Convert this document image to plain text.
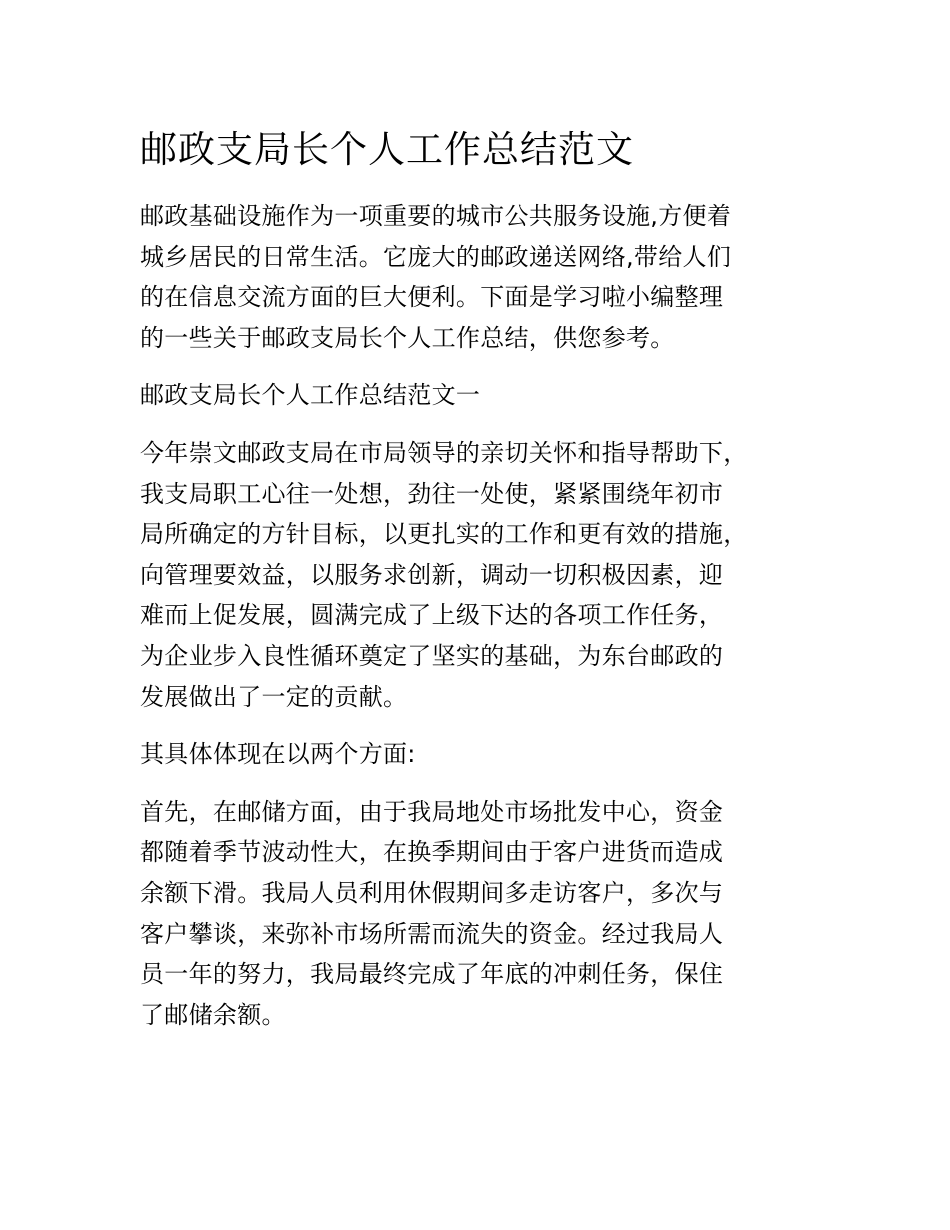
邮政支局长个人工作总结范文

邮政基础设施作为一项重要的城市公共服务设施,方便着
城乡居民的日常生活。它庞大的邮政递送网络,带给人们
的在信息交流方面的巨大便利。下面是学习啦小编整理
的一些关于邮政支局长个人工作总结，供您参考。

邮政支局长个人工作总结范文一

今年崇文邮政支局在市局领导的亲切关怀和指导帮助下，
我支局职工心往一处想，劲往一处使，紧紧围绕年初市
局所确定的方针目标，以更扎实的工作和更有效的措施，
向管理要效益，以服务求创新，调动一切积极因素，迎
难而上促发展，圆满完成了上级下达的各项工作任务，
为企业步入良性循环奠定了坚实的基础，为东台邮政的
发展做出了一定的贡献。

其具体体现在以两个方面:

首先，在邮储方面，由于我局地处市场批发中心，资金
都随着季节波动性大，在换季期间由于客户进货而造成
余额下滑。我局人员利用休假期间多走访客户，多次与
客户攀谈，来弥补市场所需而流失的资金。经过我局人
员一年的努力，我局最终完成了年底的冲刺任务，保住
了邮储余额。
